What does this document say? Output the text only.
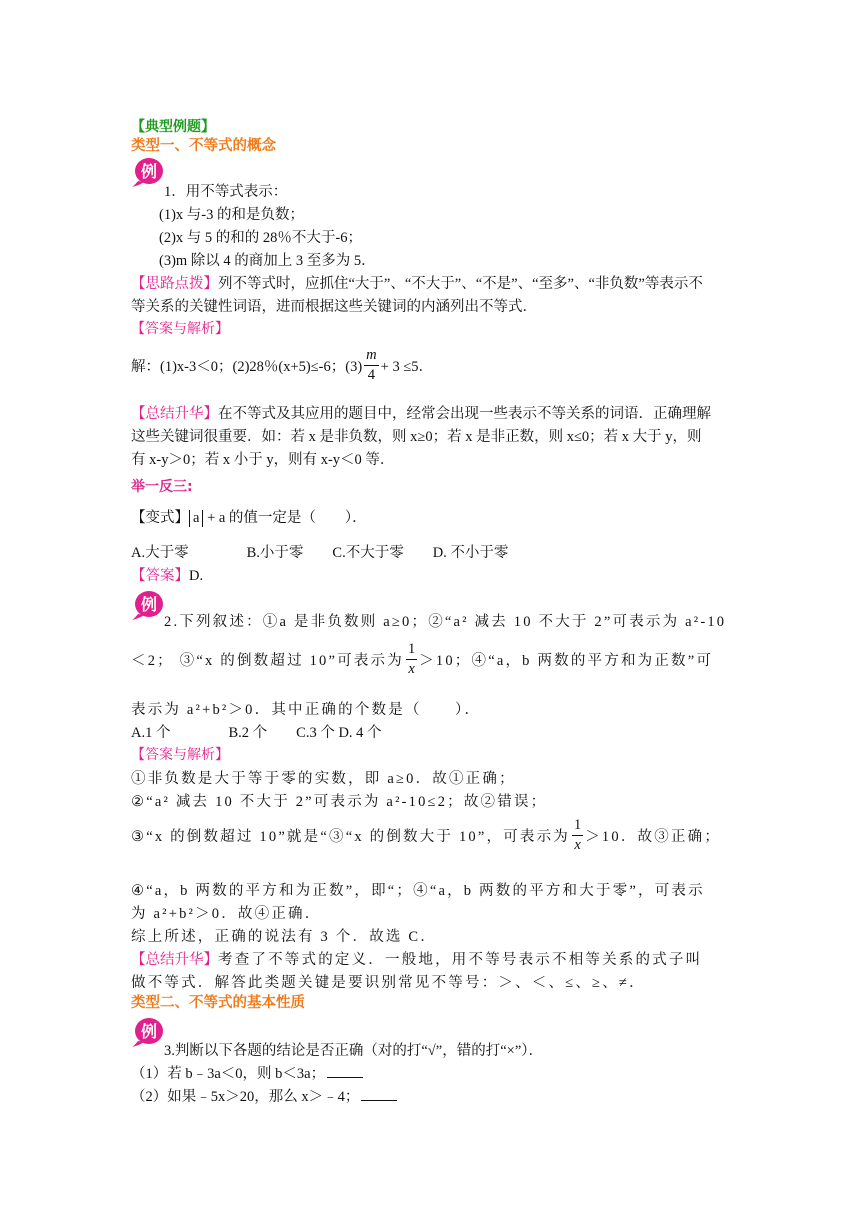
【典型例题】
类型一、不等式的概念
例
1．用不等式表示：
(1)x 与-3 的和是负数；
(2)x 与 5 的和的 28％不大于-6；
(3)m 除以 4 的商加上 3 至多为 5．
【思路点拨】列不等式时，应抓住“大于”、“不大于”、“不是”、“至多”、“非负数”等表示不
等关系的关键性词语，进而根据这些关键词的内涵列出不等式．
【答案与解析】
解：(1)x-3＜0；(2)28％(x+5)≤-6；$(3) \frac{m}{4} + 3 \le 5$．
【总结升华】在不等式及其应用的题目中，经常会出现一些表示不等关系的词语．正确理解
这些关键词很重要．如：若 x 是非负数，则 x≥0；若 x 是非正数，则 x≤0；若 x 大于 y，则
有 x-y＞0；若 x 小于 y，则有 x-y＜0 等．
举一反三:
【变式】 a + a 的值一定是（　　）．
A.大于零　　　　B.小于零　　C.不大于零　　D. 不小于零
【答案】D.
例
2.下列叙述：①a 是非负数则 a≥0；②“a² 减去 10 不大于 2”可表示为 a²-10
＜2； ③“x 的倒数超过 10”可表示为 $\frac{1}{x} >10$；④“a，b 两数的平方和为正数”可
表示为 a²+b²＞0．其中正确的个数是（　　）．
A.1 个　　　　B.2 个　　C.3 个 D. 4 个
【答案与解析】
①非负数是大于等于零的实数，即 a≥0．故①正确；
②“a² 减去 10 不大于 2”可表示为 a²-10≤2；故②错误；
③“x 的倒数超过 10”就是“③“x 的倒数大于 10”，可表示为 $\frac{1}{x} >10$．故③正确；
④“a，b 两数的平方和为正数”，即“；④“a，b 两数的平方和大于零”，可表示
为 a²+b²＞0．故④正确．
综上所述，正确的说法有 3 个．故选 C．
【总结升华】考查了不等式的定义．一般地，用不等号表示不相等关系的式子叫
做不等式．解答此类题关键是要识别常见不等号：＞、＜、≤、≥、≠．
类型二、不等式的基本性质
例
3.判断以下各题的结论是否正确（对的打“√”，错的打“×”）．
（1）若 b﹣3a＜0，则 b＜3a；
（2）如果﹣5x＞20，那么 x＞﹣4；
